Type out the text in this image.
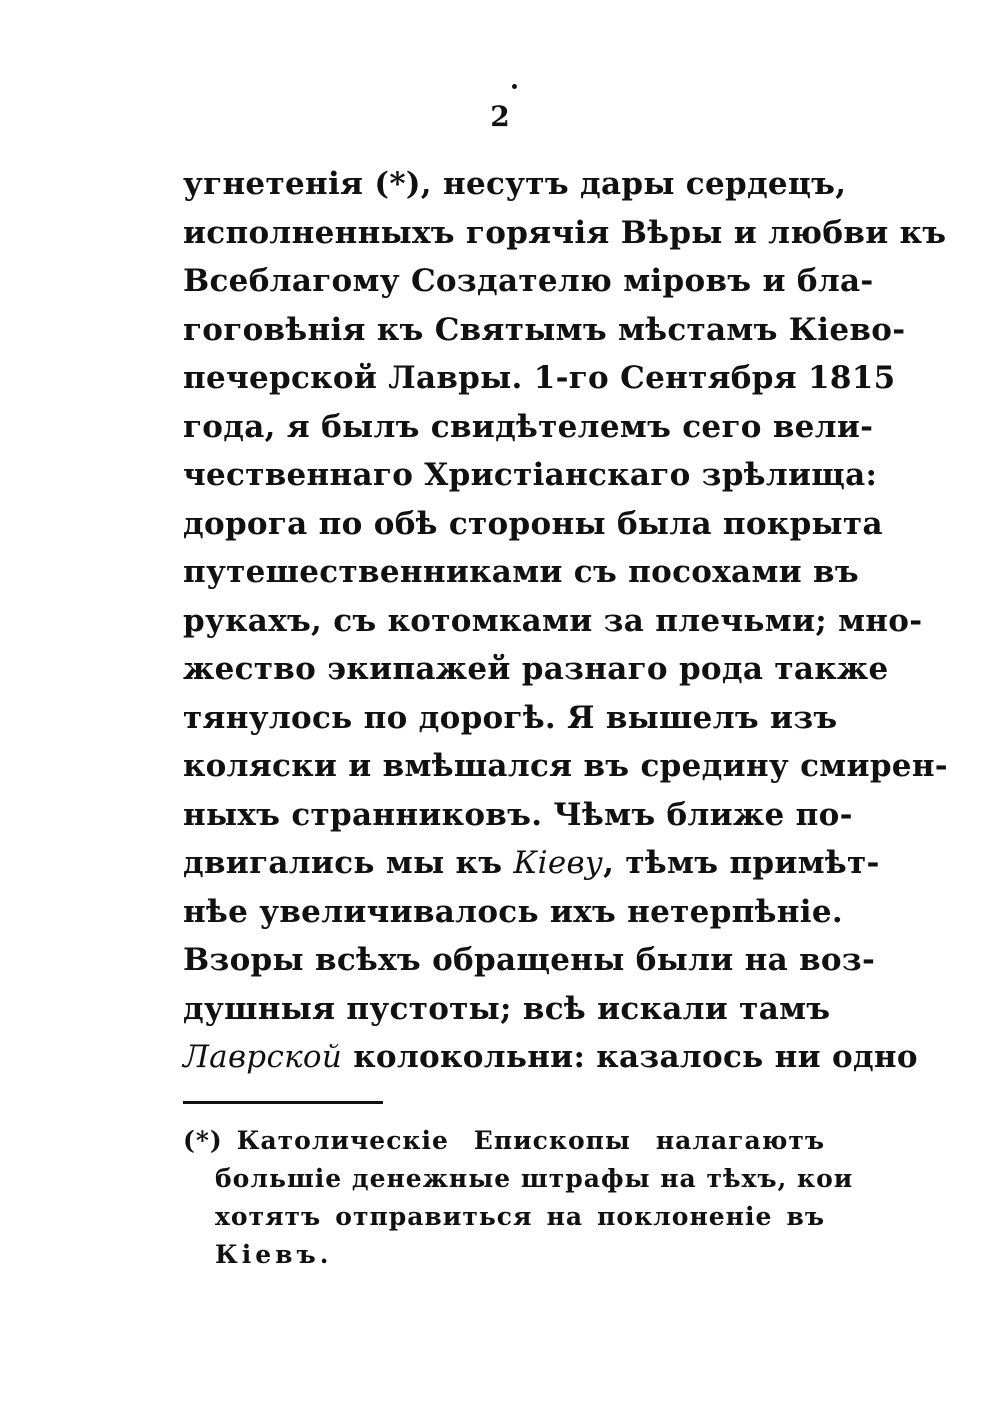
2
угнетенія (*), несутъ дары сердецъ,
исполненныхъ горячія Вѣры и любви къ
Всеблагому Создателю міровъ и бла-
гоговѣнія къ Святымъ мѣстамъ Кіево-
печерской Лавры. 1-го Сентября 1815
года, я былъ свидѣтелемъ сего вели-
чественнаго Христіанскаго зрѣлища:
дорога по обѣ стороны была покрыта
путешественниками съ посохами въ
рукахъ, съ котомками за плечьми; мно-
жество экипажей разнаго рода также
тянулось по дорогѣ. Я вышелъ изъ
коляски и вмѣшался въ средину смирен-
ныхъ странниковъ. Чѣмъ ближе по-
двигались мы къ Кіеву, тѣмъ примѣт-
нѣе увеличивалось ихъ нетерпѣніе.
Взоры всѣхъ обращены были на воз-
душныя пустоты; всѣ искали тамъ
Лаврской колокольни: казалось ни одно
(*) Католическіе Епископы налагаютъ
большіе денежные штрафы на тѣхъ, кои
хотятъ отправиться на поклоненіе въ
Кіевъ.
